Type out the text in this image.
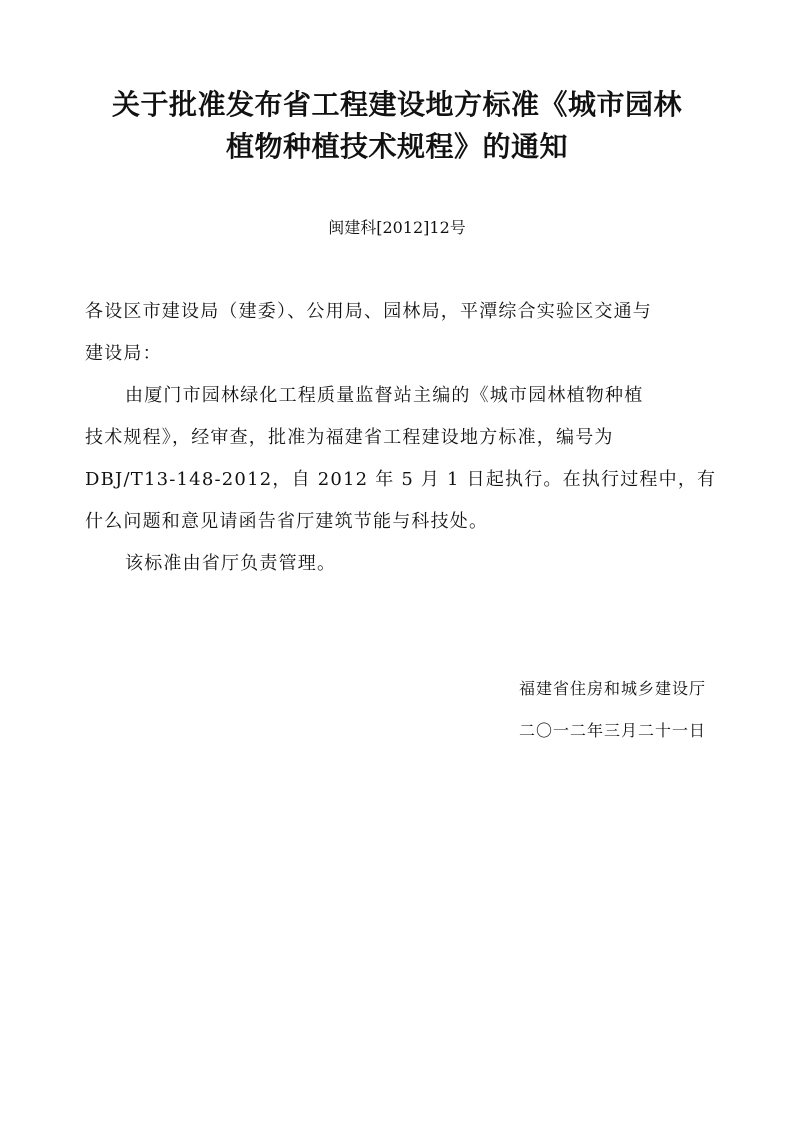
关于批准发布省工程建设地方标准《城市园林
植物种植技术规程》的通知
闽建科[2012]12号
各设区市建设局（建委）、公用局、园林局，平潭综合实验区交通与
建设局：
由厦门市园林绿化工程质量监督站主编的《城市园林植物种植
技术规程》，经审查，批准为福建省工程建设地方标准，编号为
DBJ/T13-148-2012，自 2012 年 5 月 1 日起执行。在执行过程中，有
什么问题和意见请函告省厅建筑节能与科技处。
该标准由省厅负责管理。
福建省住房和城乡建设厅
二〇一二年三月二十一日
